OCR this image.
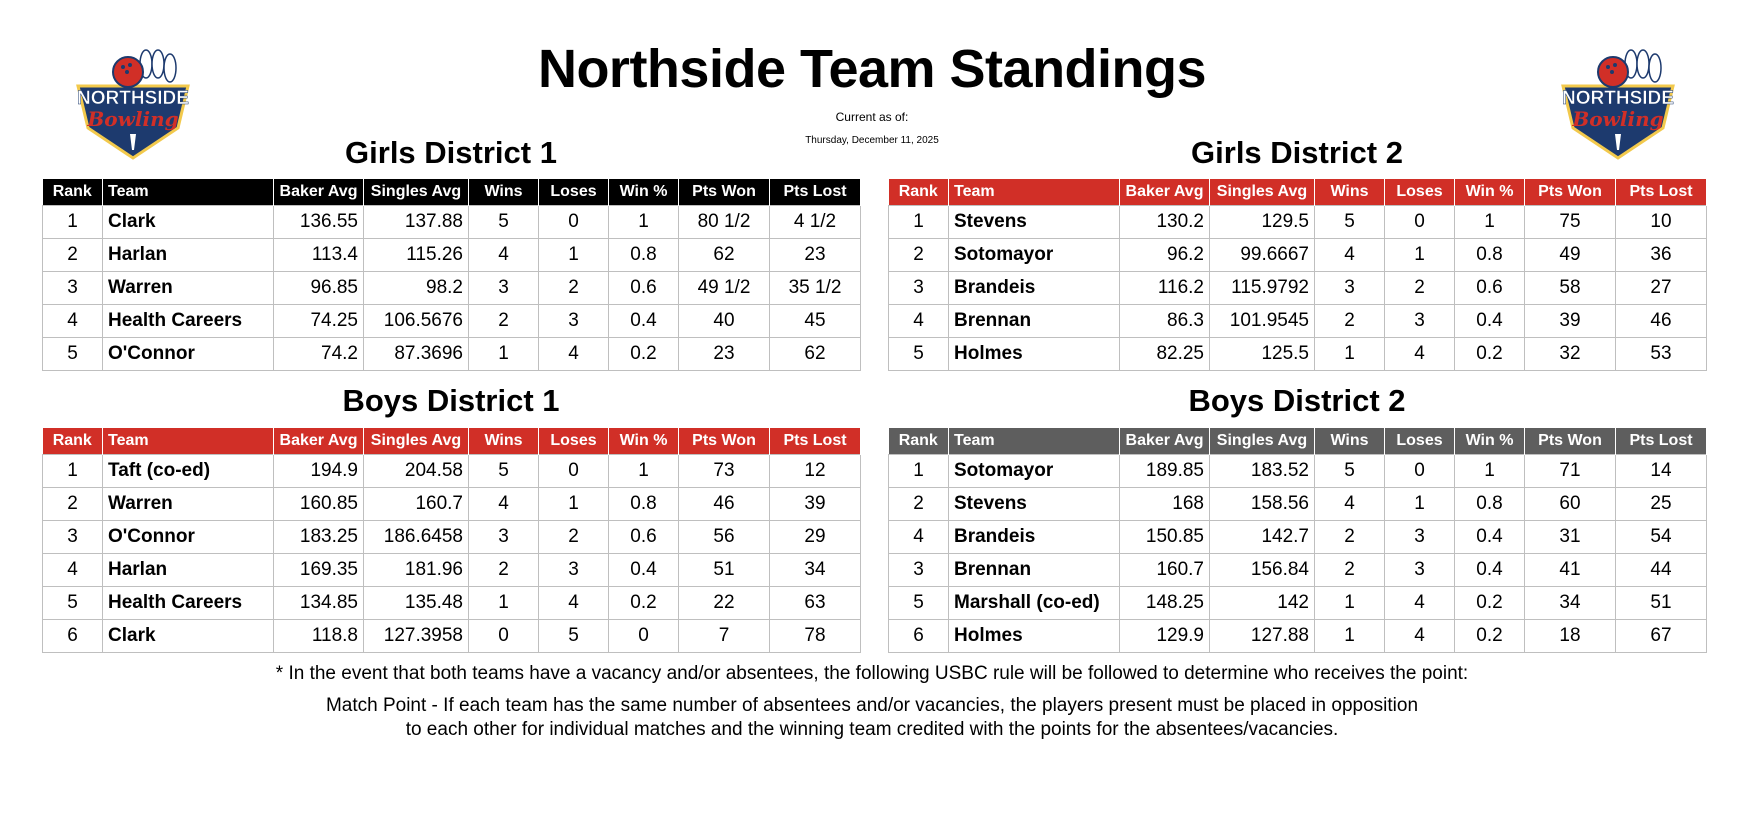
NORTHSIDE
Bowling
NORTHSIDE
Bowling
Northside Team Standings
Current as of:
Thursday, December 11, 2025
Girls District 1	Girls District 2
Boys District 1	Boys District 2
Rank	Team	Baker Avg	Singles Avg	Wins	Loses	Win %	Pts Won	Pts Lost
1	Clark	136.55	137.88	5	0	1	80 1/2	4 1/2
2	Harlan	113.4	115.26	4	1	0.8	62	23
3	Warren	96.85	98.2	3	2	0.6	49 1/2	35 1/2
4	Health Careers	74.25	106.5676	2	3	0.4	40	45
5	O'Connor	74.2	87.3696	1	4	0.2	23	62
Rank	Team	Baker Avg	Singles Avg	Wins	Loses	Win %	Pts Won	Pts Lost
1	Stevens	130.2	129.5	5	0	1	75	10
2	Sotomayor	96.2	99.6667	4	1	0.8	49	36
3	Brandeis	116.2	115.9792	3	2	0.6	58	27
4	Brennan	86.3	101.9545	2	3	0.4	39	46
5	Holmes	82.25	125.5	1	4	0.2	32	53
Rank	Team	Baker Avg	Singles Avg	Wins	Loses	Win %	Pts Won	Pts Lost
1	Taft (co-ed)	194.9	204.58	5	0	1	73	12
2	Warren	160.85	160.7	4	1	0.8	46	39
3	O'Connor	183.25	186.6458	3	2	0.6	56	29
4	Harlan	169.35	181.96	2	3	0.4	51	34
5	Health Careers	134.85	135.48	1	4	0.2	22	63
6	Clark	118.8	127.3958	0	5	0	7	78
Rank	Team	Baker Avg	Singles Avg	Wins	Loses	Win %	Pts Won	Pts Lost
1	Sotomayor	189.85	183.52	5	0	1	71	14
2	Stevens	168	158.56	4	1	0.8	60	25
4	Brandeis	150.85	142.7	2	3	0.4	31	54
3	Brennan	160.7	156.84	2	3	0.4	41	44
5	Marshall (co-ed)	148.25	142	1	4	0.2	34	51
6	Holmes	129.9	127.88	1	4	0.2	18	67
* In the event that both teams have a vacancy and/or absentees, the following USBC rule will be followed to determine who receives the point:
Match Point - If each team has the same number of absentees and/or vacancies, the players present must be placed in opposition
to each other for individual matches and the winning team credited with the points for the absentees/vacancies.
